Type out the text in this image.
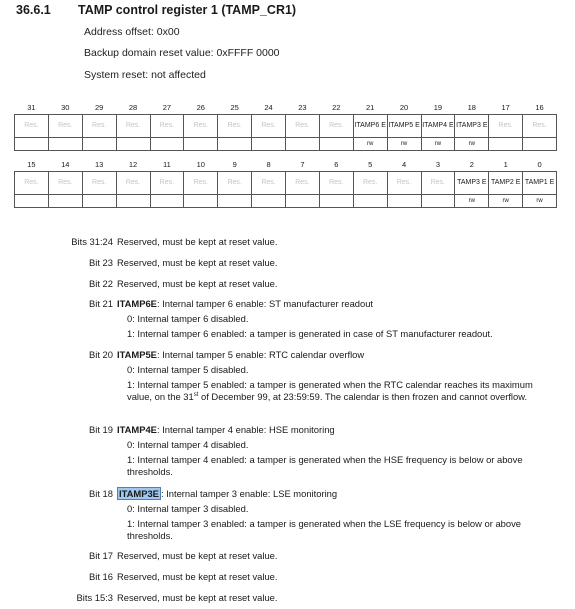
36.6.1 TAMP control register 1 (TAMP_CR1)
Address offset: 0x00
Backup domain reset value: 0xFFFF 0000
System reset: not affected
31	30	29	28	27	26	25	24	23	22	21	20	19	18	17	16
Res.	Res.	Res.	Res.	Res.	Res.	Res.	Res.	Res.	Res.	ITAMP6 E	ITAMP5 E	ITAMP4 E	ITAMP3 E	Res.	Res.
										rw	rw	rw	rw		
15	14	13	12	11	10	9	8	7	6	5	4	3	2	1	0
Res.	Res.	Res.	Res.	Res.	Res.	Res.	Res.	Res.	Res.	Res.	Res.	Res.	TAMP3 E	TAMP2 E	TAMP1 E
													rw	rw	rw
Bits 31:24 Reserved, must be kept at reset value.
Bit 23 Reserved, must be kept at reset value.
Bit 22 Reserved, must be kept at reset value.
Bit 21 ITAMP6E: Internal tamper 6 enable: ST manufacturer readout
0: Internal tamper 6 disabled.
1: Internal tamper 6 enabled: a tamper is generated in case of ST manufacturer readout.
Bit 20 ITAMP5E: Internal tamper 5 enable: RTC calendar overflow
0: Internal tamper 5 disabled.
1: Internal tamper 5 enabled: a tamper is generated when the RTC calendar reaches its maximum value, on the 31st of December 99, at 23:59:59. The calendar is then frozen and cannot overflow.
Bit 19 ITAMP4E: Internal tamper 4 enable: HSE monitoring
0: Internal tamper 4 disabled.
1: Internal tamper 4 enabled: a tamper is generated when the HSE frequency is below or above thresholds.
Bit 18 ITAMP3E : Internal tamper 3 enable: LSE monitoring
0: Internal tamper 3 disabled.
1: Internal tamper 3 enabled: a tamper is generated when the LSE frequency is below or above thresholds.
Bit 17 Reserved, must be kept at reset value.
Bit 16 Reserved, must be kept at reset value.
Bits 15:3 Reserved, must be kept at reset value.
